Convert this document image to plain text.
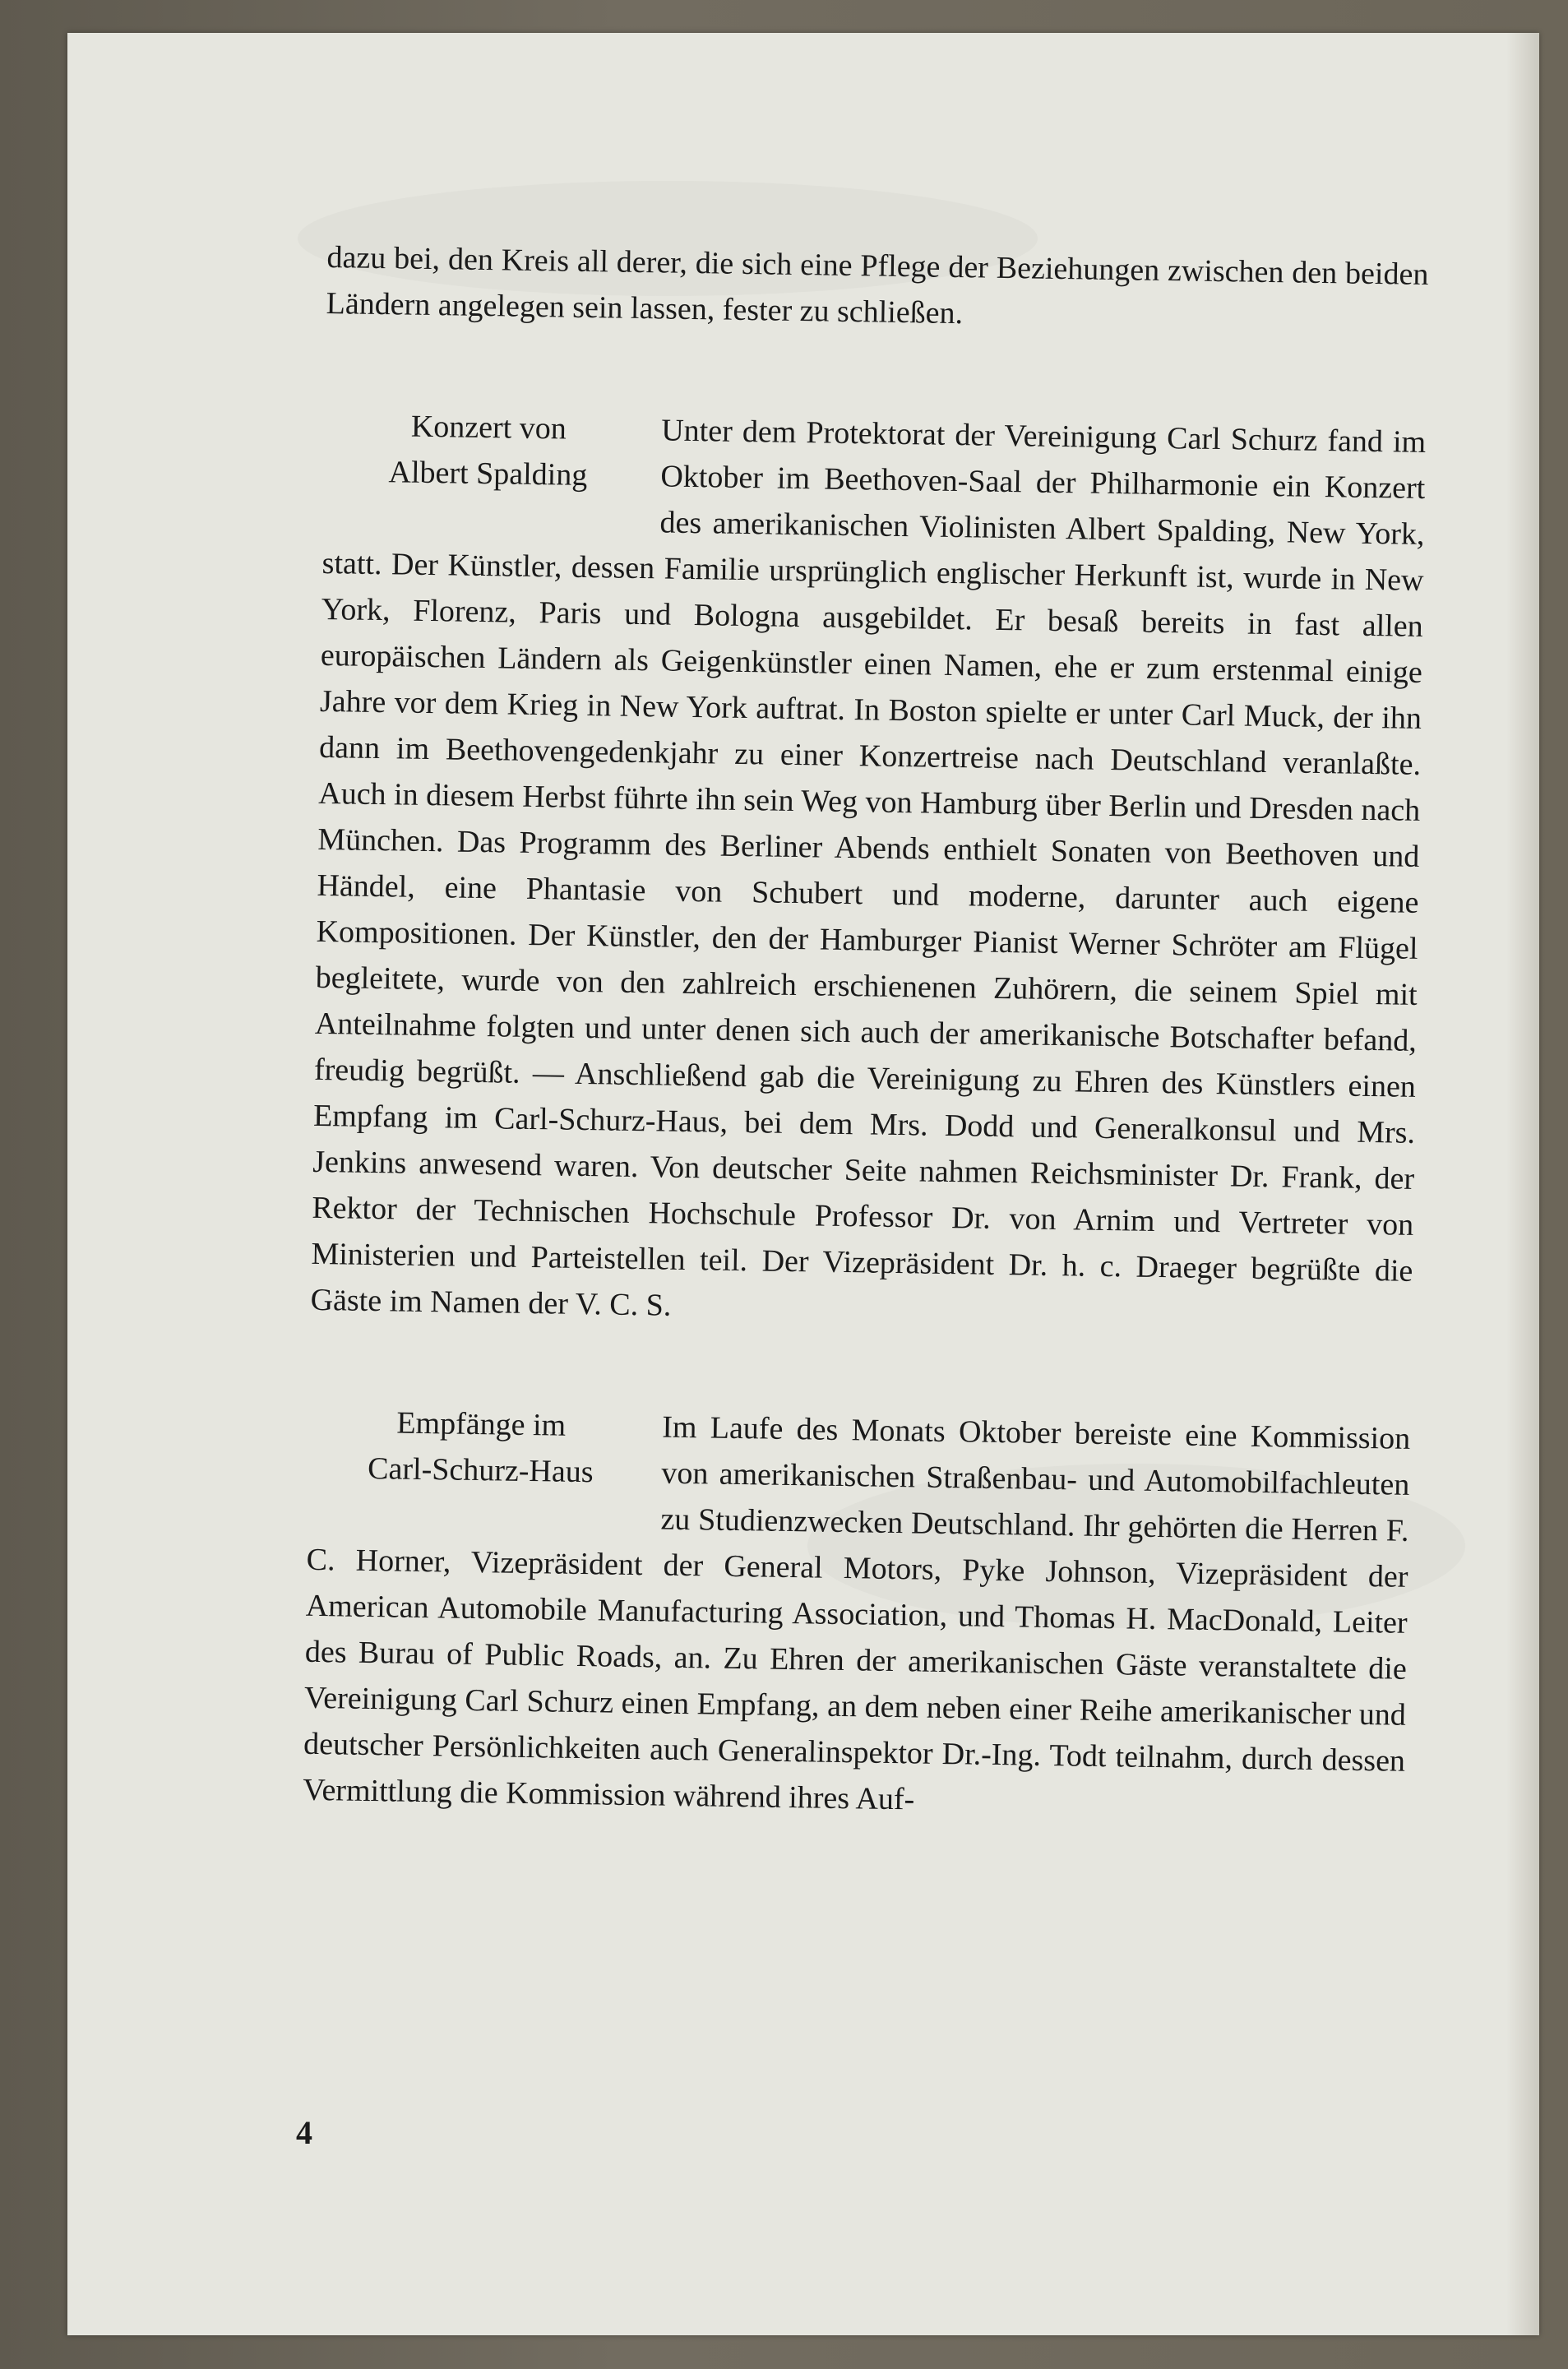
dazu bei, den Kreis all derer, die sich eine Pflege der Beziehungen zwischen den beiden Ländern angelegen sein lassen, fester zu schließen.

Konzert von
Albert Spalding

Unter dem Protektorat der Vereinigung Carl Schurz fand im Oktober im Beethoven-Saal der Philharmonie ein Konzert des amerikanischen Violinisten Albert Spalding, New York, statt. Der Künstler, dessen Familie ursprünglich englischer Herkunft ist, wurde in New York, Florenz, Paris und Bologna ausgebildet. Er besaß bereits in fast allen europäischen Ländern als Geigenkünstler einen Namen, ehe er zum erstenmal einige Jahre vor dem Krieg in New York auftrat. In Boston spielte er unter Carl Muck, der ihn dann im Beethovengedenkjahr zu einer Konzertreise nach Deutschland veranlaßte. Auch in diesem Herbst führte ihn sein Weg von Hamburg über Berlin und Dresden nach München. Das Programm des Berliner Abends enthielt Sonaten von Beethoven und Händel, eine Phantasie von Schubert und moderne, darunter auch eigene Kompositionen. Der Künstler, den der Hamburger Pianist Werner Schröter am Flügel begleitete, wurde von den zahlreich erschienenen Zuhörern, die seinem Spiel mit Anteilnahme folgten und unter denen sich auch der amerikanische Botschafter befand, freudig begrüßt. — Anschließend gab die Vereinigung zu Ehren des Künstlers einen Empfang im Carl-Schurz-Haus, bei dem Mrs. Dodd und Generalkonsul und Mrs. Jenkins anwesend waren. Von deutscher Seite nahmen Reichsminister Dr. Frank, der Rektor der Technischen Hochschule Professor Dr. von Arnim und Vertreter von Ministerien und Parteistellen teil. Der Vizepräsident Dr. h. c. Draeger begrüßte die Gäste im Namen der V. C. S.

Empfänge im
Carl-Schurz-Haus

Im Laufe des Monats Oktober bereiste eine Kommission von amerikanischen Straßenbau- und Automobilfachleuten zu Studienzwecken Deutschland. Ihr gehörten die Herren F. C. Horner, Vizepräsident der General Motors, Pyke Johnson, Vizepräsident der American Automobile Manufacturing Association, und Thomas H. MacDonald, Leiter des Burau of Public Roads, an. Zu Ehren der amerikanischen Gäste veranstaltete die Vereinigung Carl Schurz einen Empfang, an dem neben einer Reihe amerikanischer und deutscher Persönlichkeiten auch Generalinspektor Dr.-Ing. Todt teilnahm, durch dessen Vermittlung die Kommission während ihres Auf-

4
